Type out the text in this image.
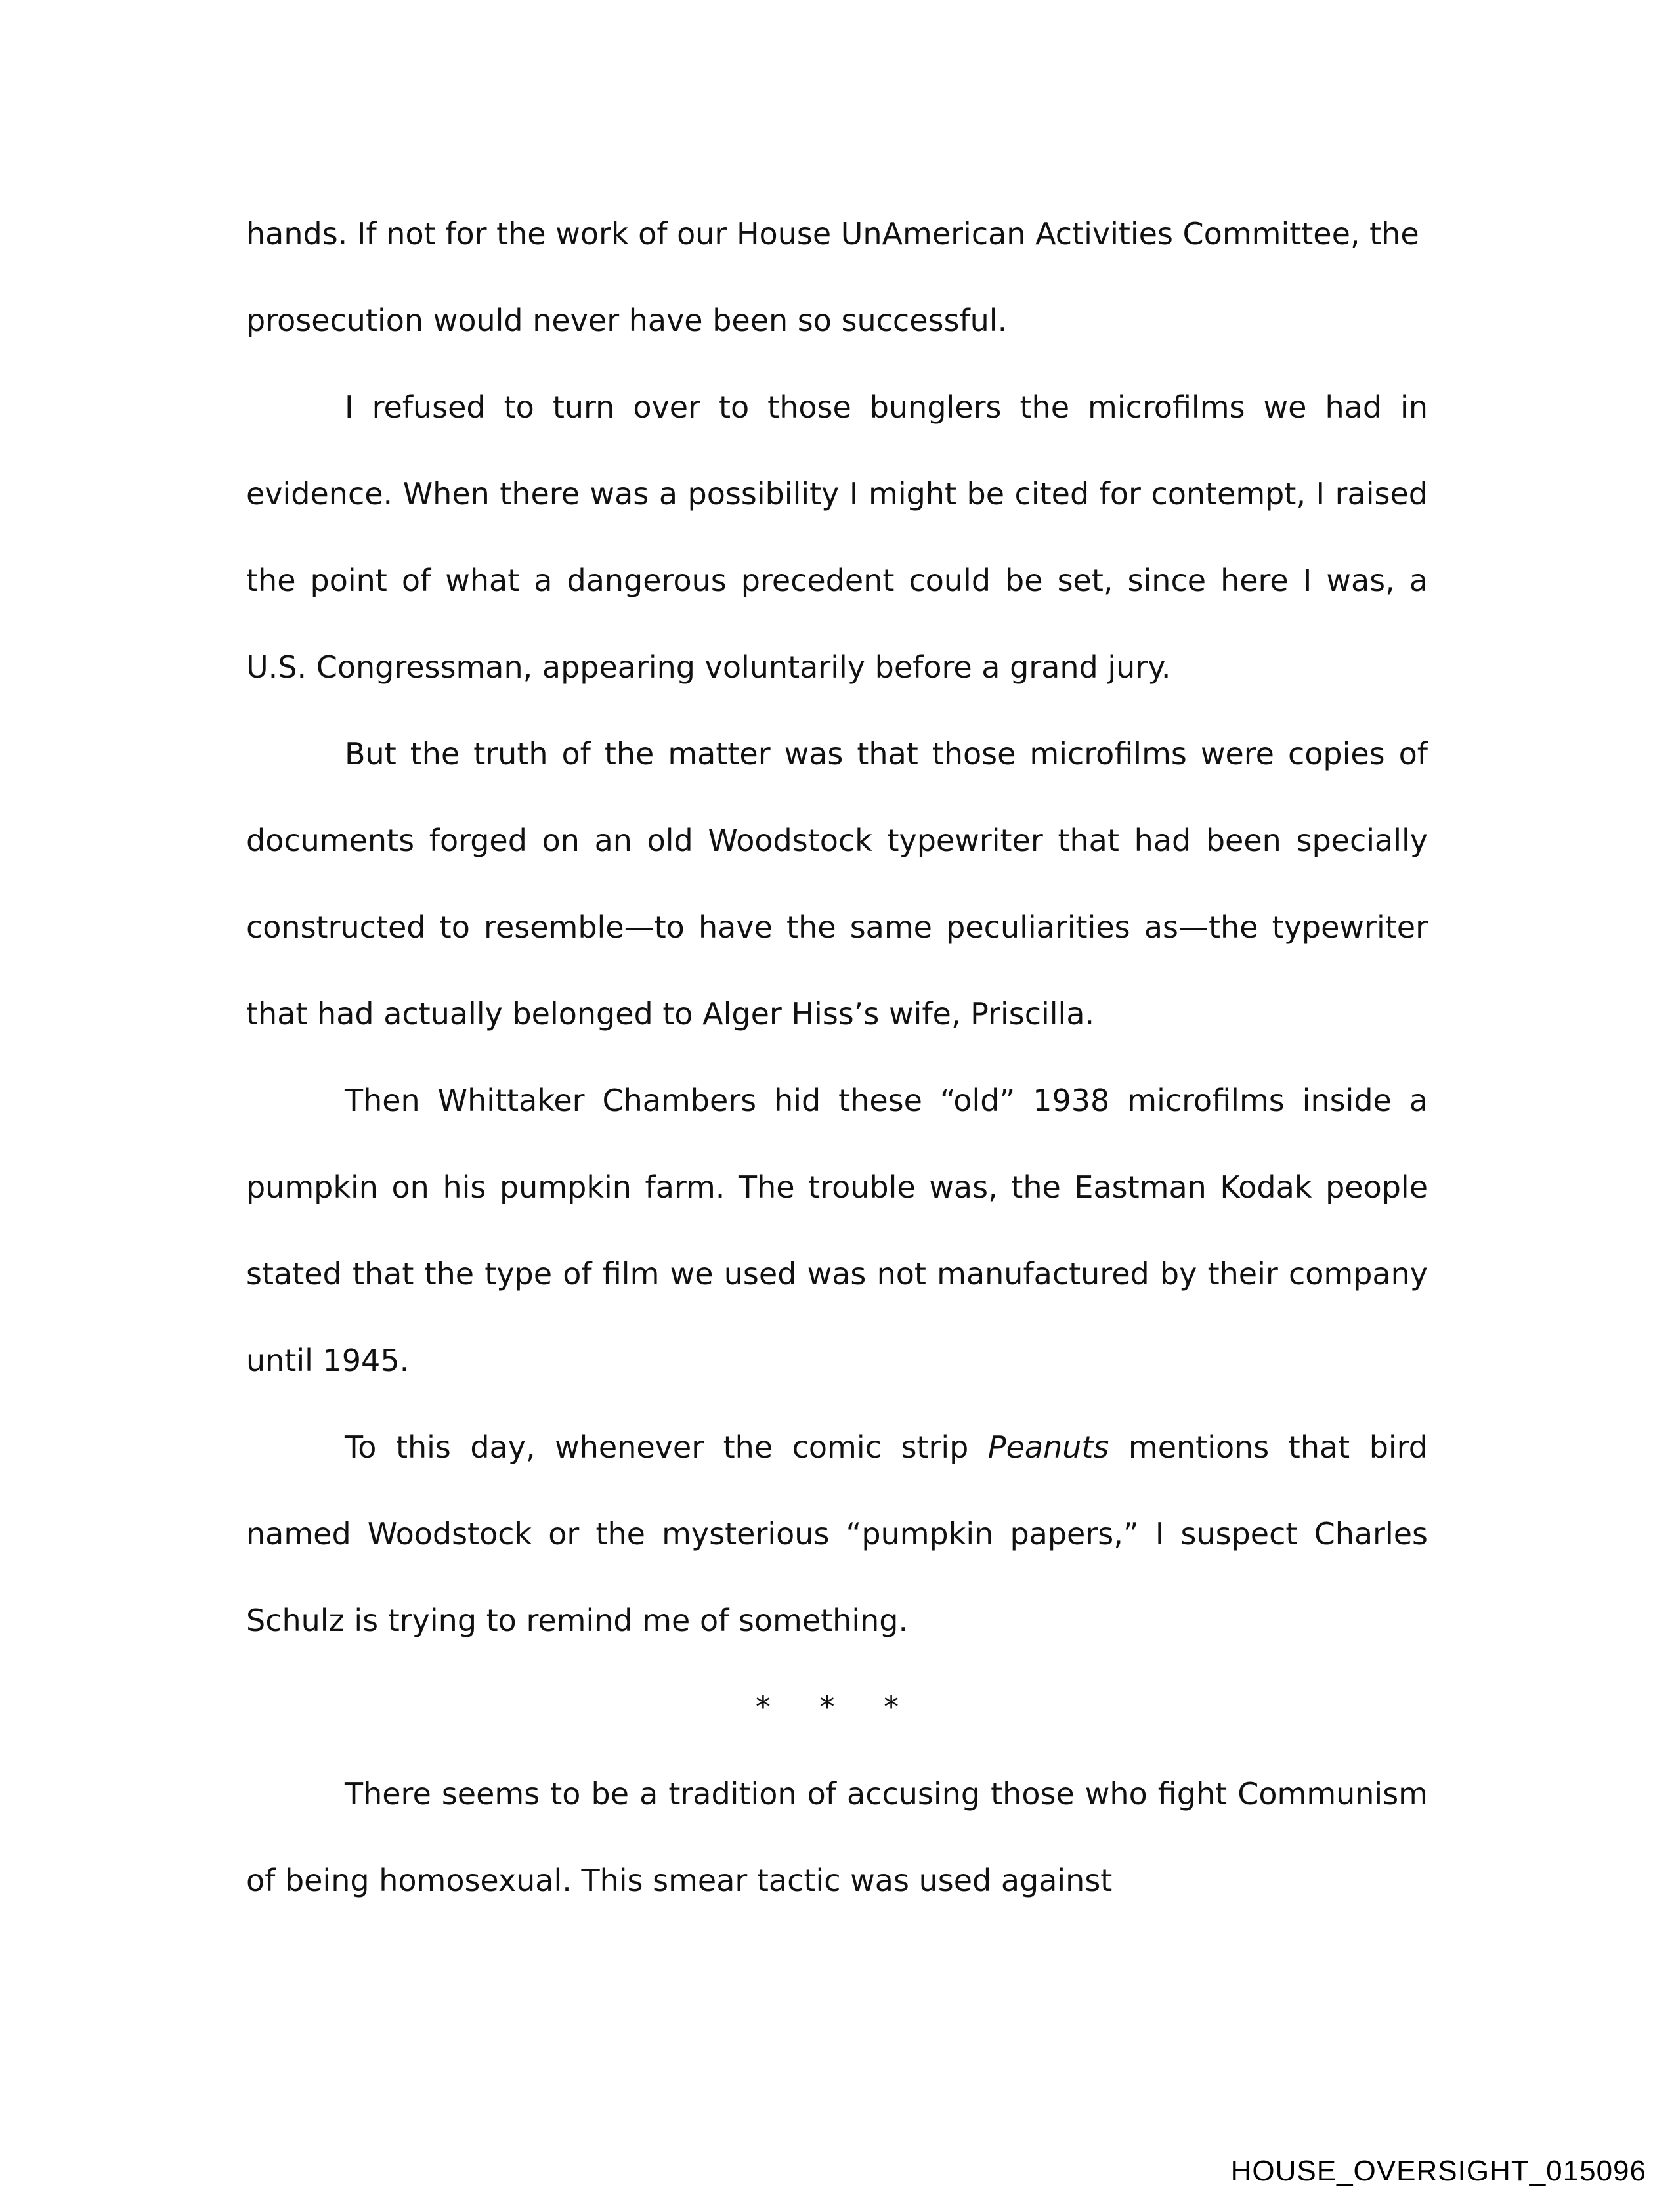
hands. If not for the work of our House UnAmerican Activities Committee, the prosecution would never have been so successful.

I refused to turn over to those bunglers the microfilms we had in evidence. When there was a possibility I might be cited for contempt, I raised the point of what a dangerous precedent could be set, since here I was, a U.S. Congressman, appearing voluntarily before a grand jury.

But the truth of the matter was that those microfilms were copies of documents forged on an old Woodstock typewriter that had been specially constructed to resemble—to have the same peculiarities as—the typewriter that had actually belonged to Alger Hiss’s wife, Priscilla.

Then Whittaker Chambers hid these “old” 1938 microfilms inside a pumpkin on his pumpkin farm. The trouble was, the Eastman Kodak people stated that the type of film we used was not manufactured by their company until 1945.

To this day, whenever the comic strip Peanuts mentions that bird named Woodstock or the mysterious “pumpkin papers,” I suspect Charles Schulz is trying to remind me of something.

* * *

There seems to be a tradition of accusing those who fight Communism of being homosexual. This smear tactic was used against

HOUSE_OVERSIGHT_015096
